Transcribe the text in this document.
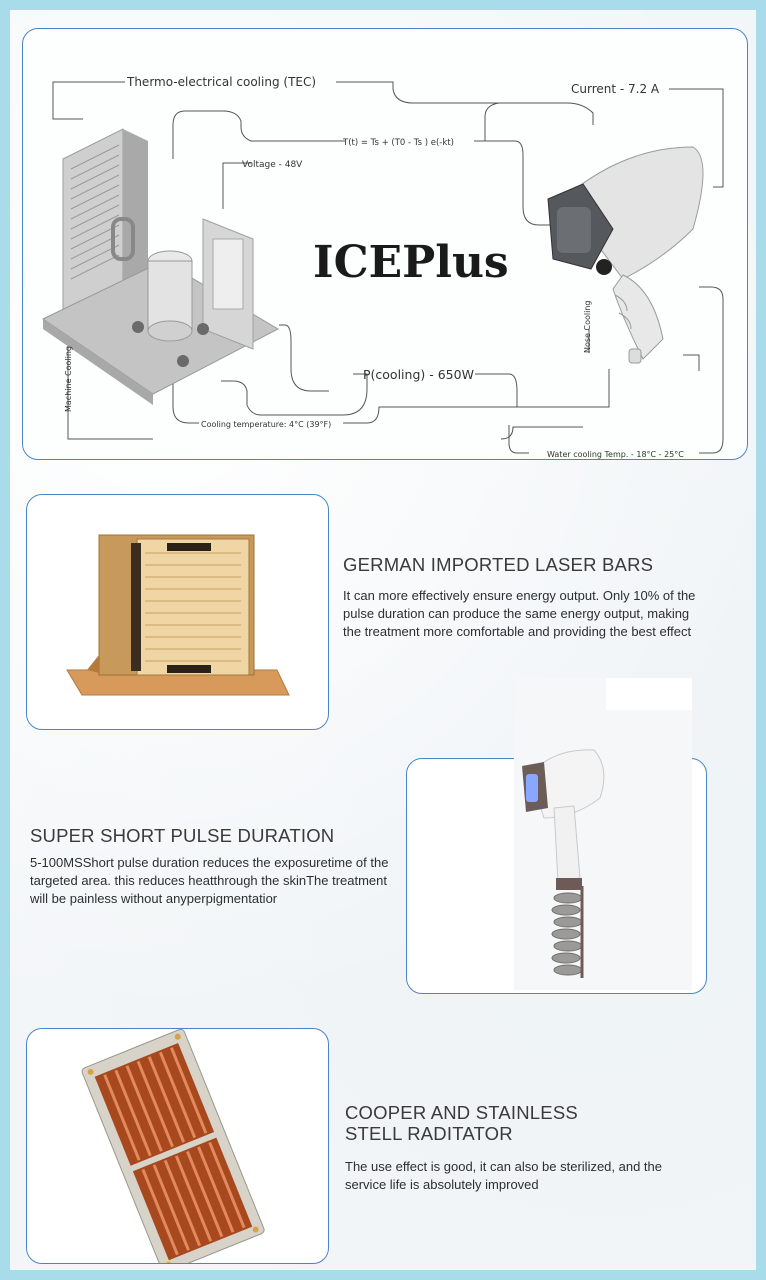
ICEPlus
Thermo-electrical cooling (TEC)	Current - 7.2 A
T(t) = Ts + (T0 - Ts ) e(-kt)
Voltage - 48V
P(cooling) - 650W
Cooling temperature: 4°C (39°F)
Water cooling Temp. - 18°C - 25°C
Nose Cooling
Machine Cooling
GERMAN IMPORTED LASER BARS

It can more effectively ensure energy output. Only 10% of the pulse duration can produce the same energy output, making the treatment more comfortable and providing the best effect

SUPER SHORT PULSE DURATION

5-100MSShort pulse duration reduces the exposuretime of the targeted area. this reduces heatthrough the skinThe treatment will be painless without anyperpigmentatior

COOPER AND STAINLESS
STELL RADITATOR

The use effect is good, it can also be sterilized, and the service life is absolutely improved
